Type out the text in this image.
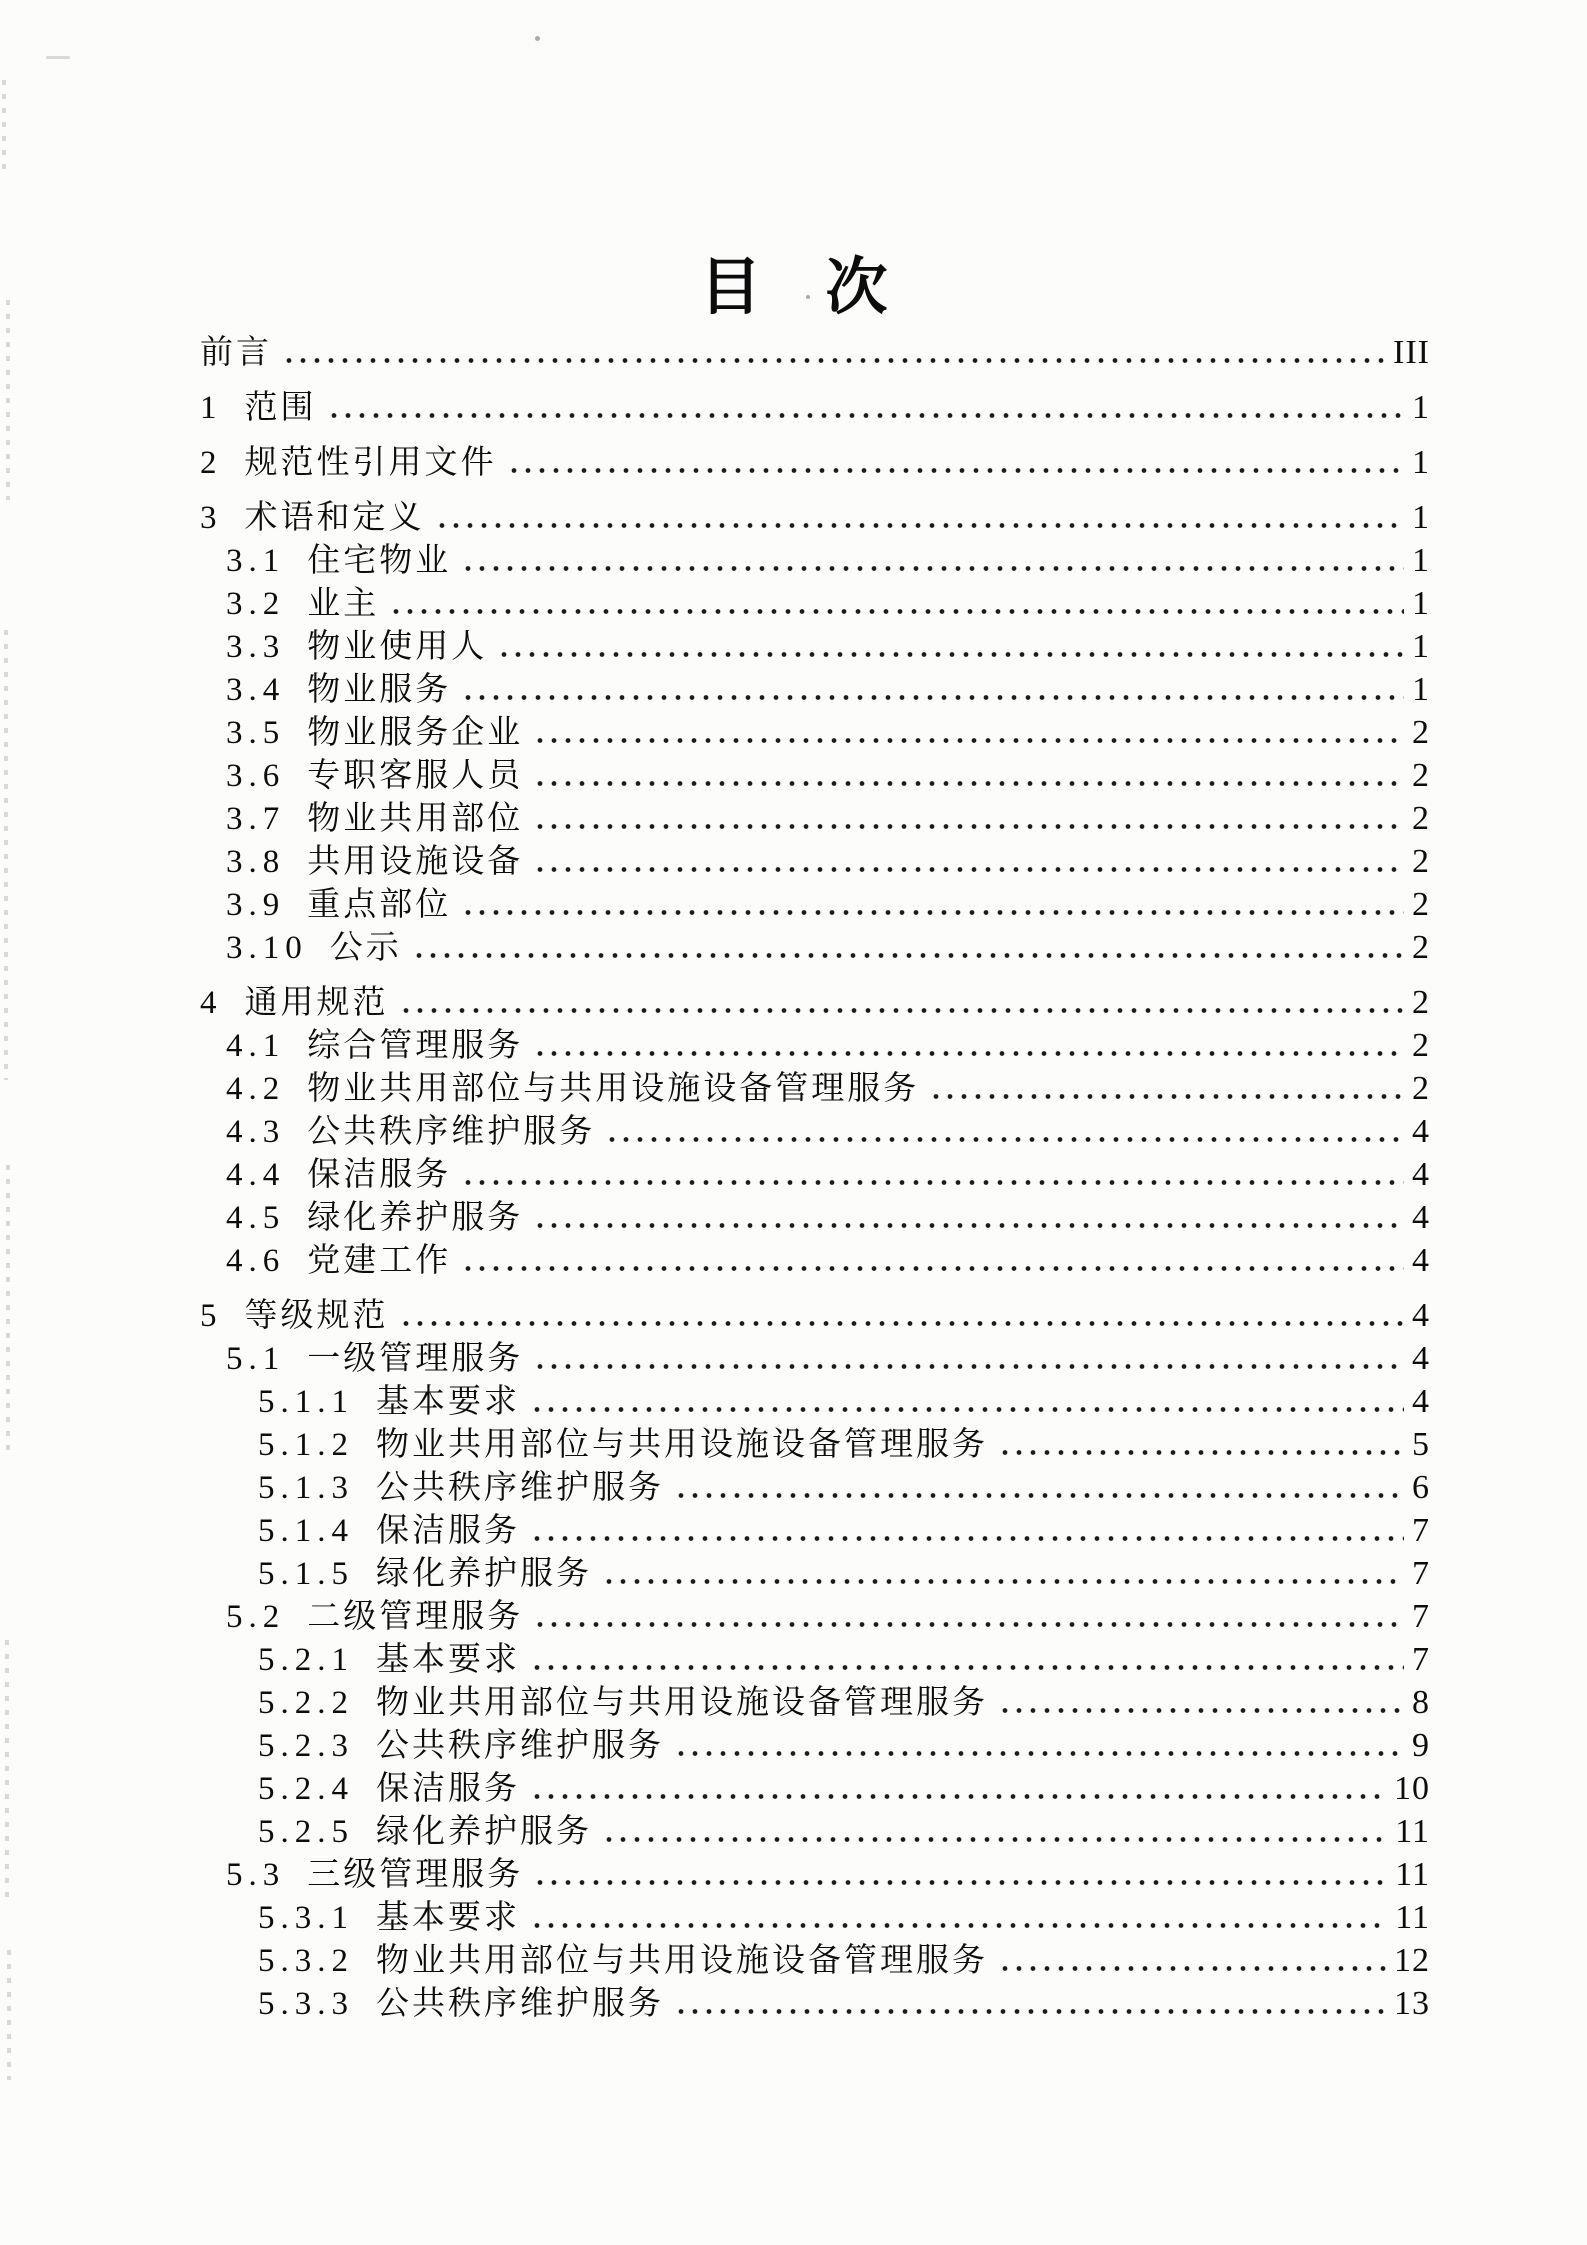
目 次
前言	III
1 范围	1
2 规范性引用文件	1
3 术语和定义	1
3.1 住宅物业	1
3.2 业主	1
3.3 物业使用人	1
3.4 物业服务	1
3.5 物业服务企业	2
3.6 专职客服人员	2
3.7 物业共用部位	2
3.8 共用设施设备	2
3.9 重点部位	2
3.10 公示	2
4 通用规范	2
4.1 综合管理服务	2
4.2 物业共用部位与共用设施设备管理服务	2
4.3 公共秩序维护服务	4
4.4 保洁服务	4
4.5 绿化养护服务	4
4.6 党建工作	4
5 等级规范	4
5.1 一级管理服务	4
5.1.1 基本要求	4
5.1.2 物业共用部位与共用设施设备管理服务	5
5.1.3 公共秩序维护服务	6
5.1.4 保洁服务	7
5.1.5 绿化养护服务	7
5.2 二级管理服务	7
5.2.1 基本要求	7
5.2.2 物业共用部位与共用设施设备管理服务	8
5.2.3 公共秩序维护服务	9
5.2.4 保洁服务	10
5.2.5 绿化养护服务	11
5.3 三级管理服务	11
5.3.1 基本要求	11
5.3.2 物业共用部位与共用设施设备管理服务	12
5.3.3 公共秩序维护服务	13
